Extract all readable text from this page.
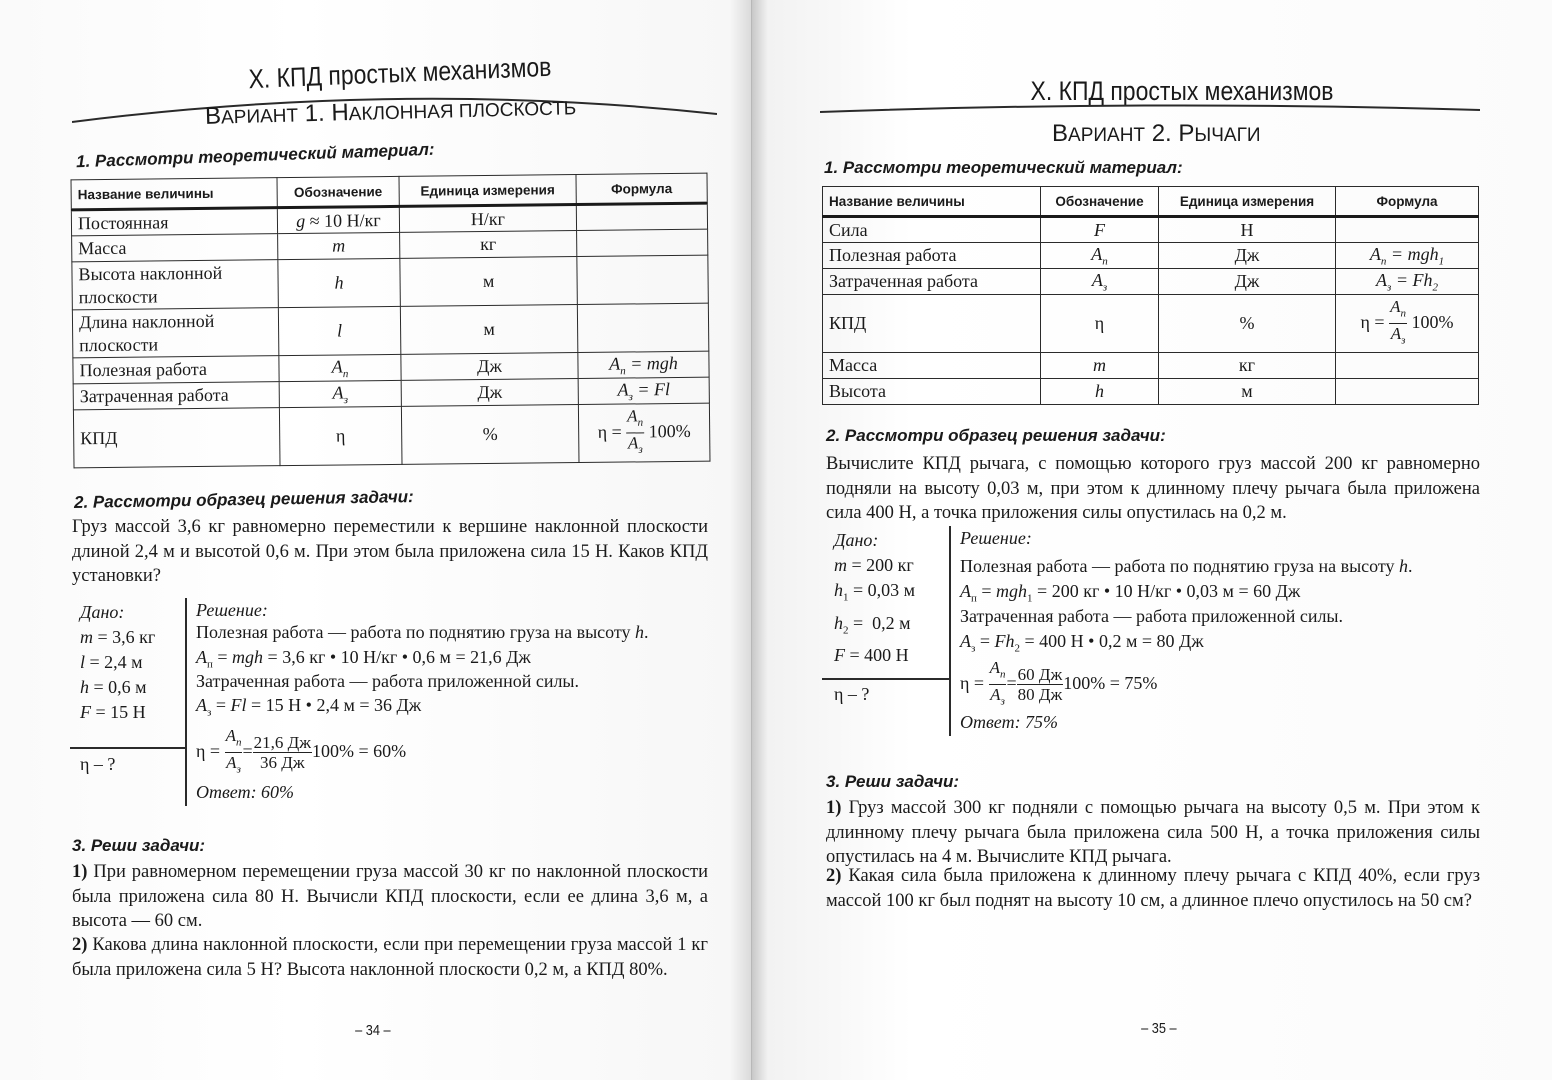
X. КПД простых механизмов
ВАРИАНТ 1. НАКЛОННАЯ ПЛОСКОСТЬ
1. Рассмотри теоретический материал:
Название величины	Обозначение	Единица измерения	Формула
Постоянная	g ≈ 10 Н/кг	Н/кг	
Масса	m	кг	
Высота наклонной плоскости	h	м	
Длина наклонной плоскости	l	м	
Полезная работа	$A_п$	Дж	$A_п$ = mgh
Затраченная работа	$A_з$	Дж	$A_з = Fl$
КПД	η	%	$\eta = \frac{A_п}{A_з} 100\%$
2. Рассмотри образец решения задачи:
Груз массой 3,6 кг равномерно переместили к вершине наклонной плоскости длиной 2,4 м и высотой 0,6 м. При этом была приложена сила 15 Н. Каков КПД установки?
Дано:
m = 3,6 кг
l = 2,4 м
h = 0,6 м
F = 15 Н
η – ?
Решение:
Полезная работа — работа по поднятию груза на высоту h.
$A_п$ = mgh = 3,6 кг • 10 Н/кг • 0,6 м = 21,6 Дж
Затраченная работа — работа приложенной силы.
$A_з = Fl = 15$ Н • 2,4 м = 36 Дж
$\eta = \frac{A_п}{A_з} = \frac{21,6 Дж}{36 Дж} 100\% = 60\%$
Ответ: 60%
3. Реши задачи:
1) При равномерном перемещении груза массой 30 кг по наклонной плоскости была приложена сила 80 Н. Вычисли КПД плоскости, если ее длина 3,6 м, а высота — 60 см.
2) Какова длина наклонной плоскости, если при перемещении груза массой 1 кг была приложена сила 5 Н? Высота наклонной плоскости 0,2 м, а КПД 80%.
– 34 –
X. КПД простых механизмов
ВАРИАНТ 2. РЫЧАГИ
1. Рассмотри теоретический материал:
Название величины	Обозначение	Единица измерения	Формула
Сила	F	Н	
Полезная работа	$A_п$	Дж	$A_п = mgh_1$
Затраченная работа	$A_з$	Дж	$A_з = Fh_2$
КПД	η	%	$\eta = \frac{A_п}{A_з} 100\%$
Масса	m	кг	
Высота	h	м	
2. Рассмотри образец решения задачи:
Вычислите КПД рычага, с помощью которого груз массой 200 кг равномерно подняли на высоту 0,03 м, при этом к длинному плечу рычага была приложена сила 400 Н, а точка приложения силы опустилась на 0,2 м.
Дано:
m = 200 кг
$h_1 = 0,03$ м
$h_2 = 0,2$ м
F = 400 Н
η – ?
Решение:
Полезная работа — работа по поднятию груза на высоту h.
$A_п = mgh_1 = 200$ кг • 10 Н/кг • 0,03 м = 60 Дж
Затраченная работа — работа приложенной силы.
$A_з = Fh_2 = 400$ Н • 0,2 м = 80 Дж
$\eta = \frac{A_п}{A_з} = \frac{60 Дж}{80 Дж} 100\% = 75\%$
Ответ: 75%
3. Реши задачи:
1) Груз массой 300 кг подняли с помощью рычага на высоту 0,5 м. При этом к длинному плечу рычага была приложена сила 500 Н, а точка приложения силы опустилась на 4 м. Вычислите КПД рычага.
2) Какая сила была приложена к длинному плечу рычага с КПД 40%, если груз массой 100 кг был поднят на высоту 10 см, а длинное плечо опустилось на 50 см?
– 35 –
